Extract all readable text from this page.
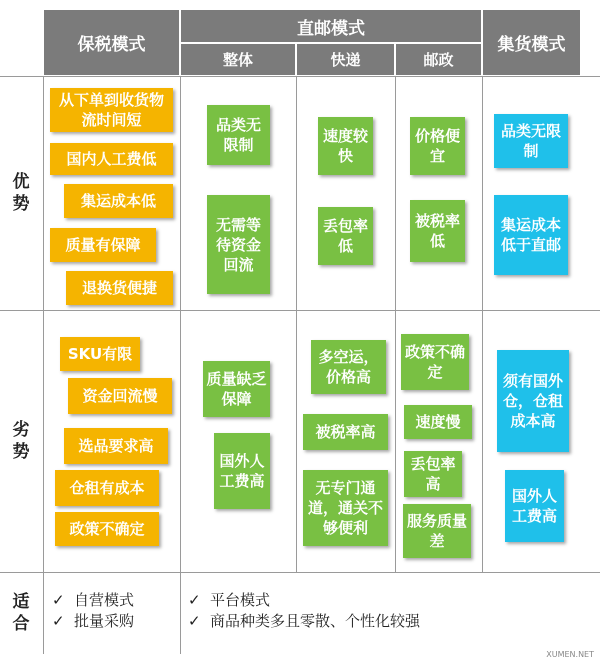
保税模式
直邮模式
整体	快递	邮政
集货模式
优
势
劣
势
适
合
从下单到收货物流时间短
国内人工费低
集运成本低
质量有保障
退换货便捷
品类无限制
无需等待资金回流
速度较快
丢包率低
价格便宜
被税率低
品类无限制
集运成本低于直邮
SKU有限
资金回流慢
选品要求高
仓租有成本
政策不确定
质量缺乏保障
国外人工费高
多空运，价格高
被税率高
无专门通道，通关不够便利
政策不确定
速度慢
丢包率高
服务质量差
须有国外仓，仓租成本高
国外人工费高
✓ 自营模式
✓ 批量采购
✓ 平台模式
✓ 商品种类多且零散、个性化较强
XUMEN.NET
